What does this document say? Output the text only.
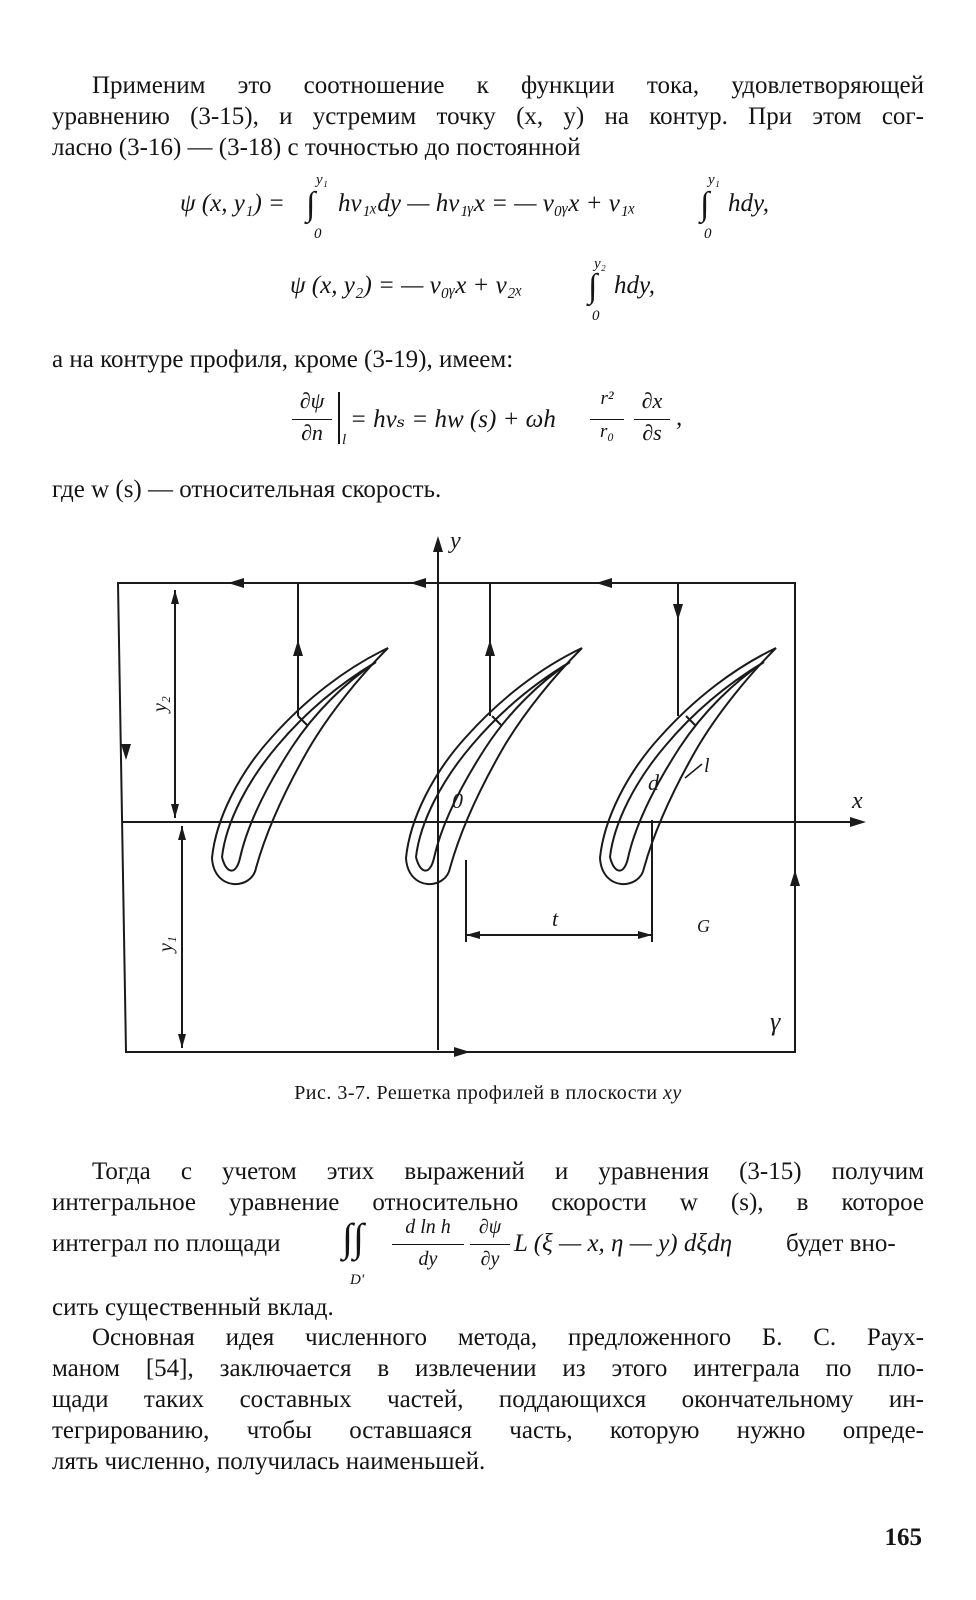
Применим это соотношение к функции тока, удовлетворяющей
уравнению (3-15), и устремим точку (x, y) на контур. При этом сог-
ласно (3-16) — (3-18) с точностью до постоянной
ψ (x, y₁) = ∫
y₁
0
hv₁ₓdy — hv₁ᵧx = — v₀ᵧx + v₁ₓ ∫
y₁
0
hdy,
ψ (x, y₂) = — v₀ᵧx + v₂ₓ ∫
y₂
0
hdy,
а на контуре профиля, кроме (3-19), имеем:
∂ψ
∂n	l
= hvₛ = hw (s) + ωh
r²
r₀
∂x
∂s
,
где w (s) — относительная скорость.
y
x
0
d
l
t	G
γ
y₂
y₁
Рис. 3-7. Решетка профилей в плоскости xy
Тогда с учетом этих выражений и уравнения (3-15) получим
интегральное уравнение относительно скорости w (s), в которое
интеграл по площади ∫∫
D'
d ln h
dy
∂ψ
∂y
L (ξ — x, η — y) dξdη будет вно-
сить существенный вклад.
Основная идея численного метода, предложенного Б. С. Раух-
маном [54], заключается в извлечении из этого интеграла по пло-
щади таких составных частей, поддающихся окончательному ин-
тегрированию, чтобы оставшаяся часть, которую нужно опреде-
лять численно, получилась наименьшей.
165
